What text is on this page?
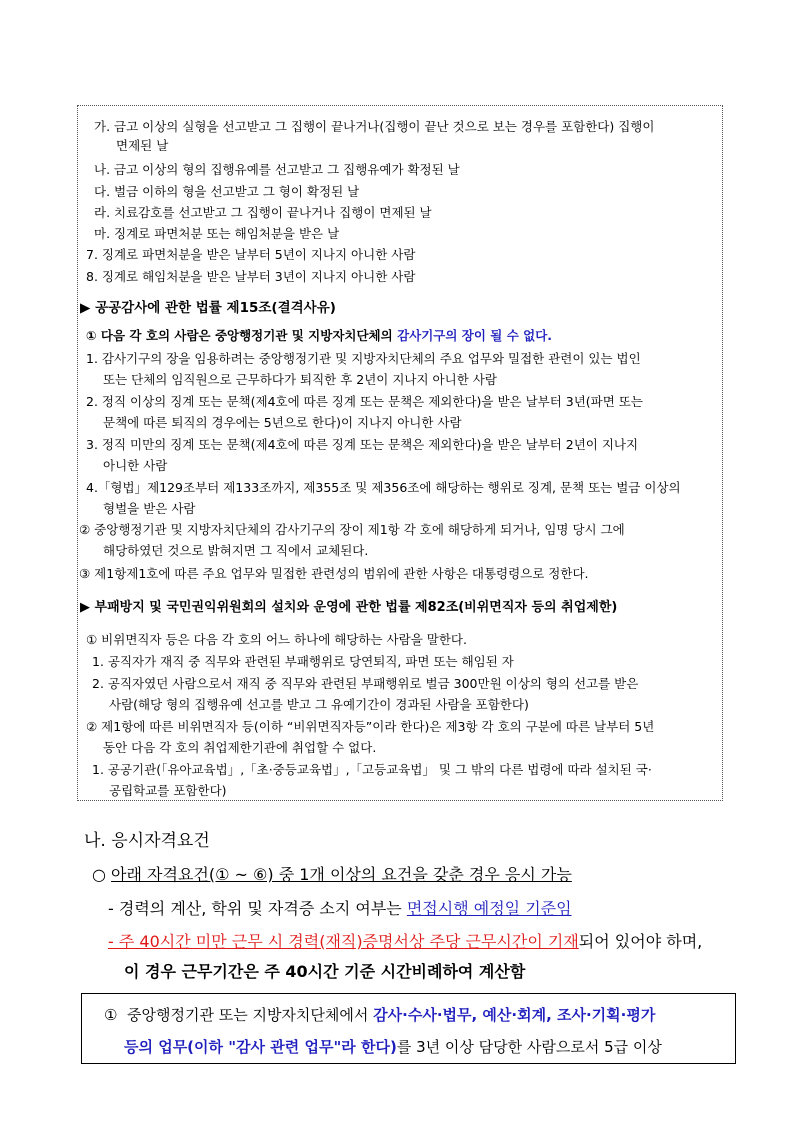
가. 금고 이상의 실형을 선고받고 그 집행이 끝나거나(집행이 끝난 것으로 보는 경우를 포함한다) 집행이
면제된 날
나. 금고 이상의 형의 집행유예를 선고받고 그 집행유예가 확정된 날
다. 벌금 이하의 형을 선고받고 그 형이 확정된 날
라. 치료감호를 선고받고 그 집행이 끝나거나 집행이 면제된 날
마. 징계로 파면처분 또는 해임처분을 받은 날
7. 징계로 파면처분을 받은 날부터 5년이 지나지 아니한 사람
8. 징계로 해임처분을 받은 날부터 3년이 지나지 아니한 사람
▶ 공공감사에 관한 법률 제15조(결격사유)
① 다음 각 호의 사람은 중앙행정기관 및 지방자치단체의 감사기구의 장이 될 수 없다.
1. 감사기구의 장을 임용하려는 중앙행정기관 및 지방자치단체의 주요 업무와 밀접한 관련이 있는 법인
또는 단체의 임직원으로 근무하다가 퇴직한 후 2년이 지나지 아니한 사람
2. 정직 이상의 징계 또는 문책(제4호에 따른 징계 또는 문책은 제외한다)을 받은 날부터 3년(파면 또는
문책에 따른 퇴직의 경우에는 5년으로 한다)이 지나지 아니한 사람
3. 정직 미만의 징계 또는 문책(제4호에 따른 징계 또는 문책은 제외한다)을 받은 날부터 2년이 지나지
아니한 사람
4.「형법」제129조부터 제133조까지, 제355조 및 제356조에 해당하는 행위로 징계, 문책 또는 벌금 이상의
형벌을 받은 사람
② 중앙행정기관 및 지방자치단체의 감사기구의 장이 제1항 각 호에 해당하게 되거나, 임명 당시 그에
해당하였던 것으로 밝혀지면 그 직에서 교체된다.
③ 제1항제1호에 따른 주요 업무와 밀접한 관련성의 범위에 관한 사항은 대통령령으로 정한다.
▶ 부패방지 및 국민권익위원회의 설치와 운영에 관한 법률 제82조(비위면직자 등의 취업제한)
① 비위면직자 등은 다음 각 호의 어느 하나에 해당하는 사람을 말한다.
1. 공직자가 재직 중 직무와 관련된 부패행위로 당연퇴직, 파면 또는 해임된 자
2. 공직자였던 사람으로서 재직 중 직무와 관련된 부패행위로 벌금 300만원 이상의 형의 선고를 받은
사람(해당 형의 집행유예 선고를 받고 그 유예기간이 경과된 사람을 포함한다)
② 제1항에 따른 비위면직자 등(이하 “비위면직자등”이라 한다)은 제3항 각 호의 구분에 따른 날부터 5년
동안 다음 각 호의 취업제한기관에 취업할 수 없다.
1. 공공기관(「유아교육법」,「초·중등교육법」,「고등교육법」 및 그 밖의 다른 법령에 따라 설치된 국·
공립학교를 포함한다)
나. 응시자격요건
○ 아래 자격요건(① ~ ⑥) 중 1개 이상의 요건을 갖춘 경우 응시 가능
- 경력의 계산, 학위 및 자격증 소지 여부는 면접시행 예정일 기준임
- 주 40시간 미만 근무 시 경력(재직)증명서상 주당 근무시간이 기재되어 있어야 하며,
이 경우 근무기간은 주 40시간 기준 시간비례하여 계산함
① 중앙행정기관 또는 지방자치단체에서 감사·수사·법무, 예산·회계, 조사·기획·평가
등의 업무(이하 "감사 관련 업무"라 한다)를 3년 이상 담당한 사람으로서 5급 이상
